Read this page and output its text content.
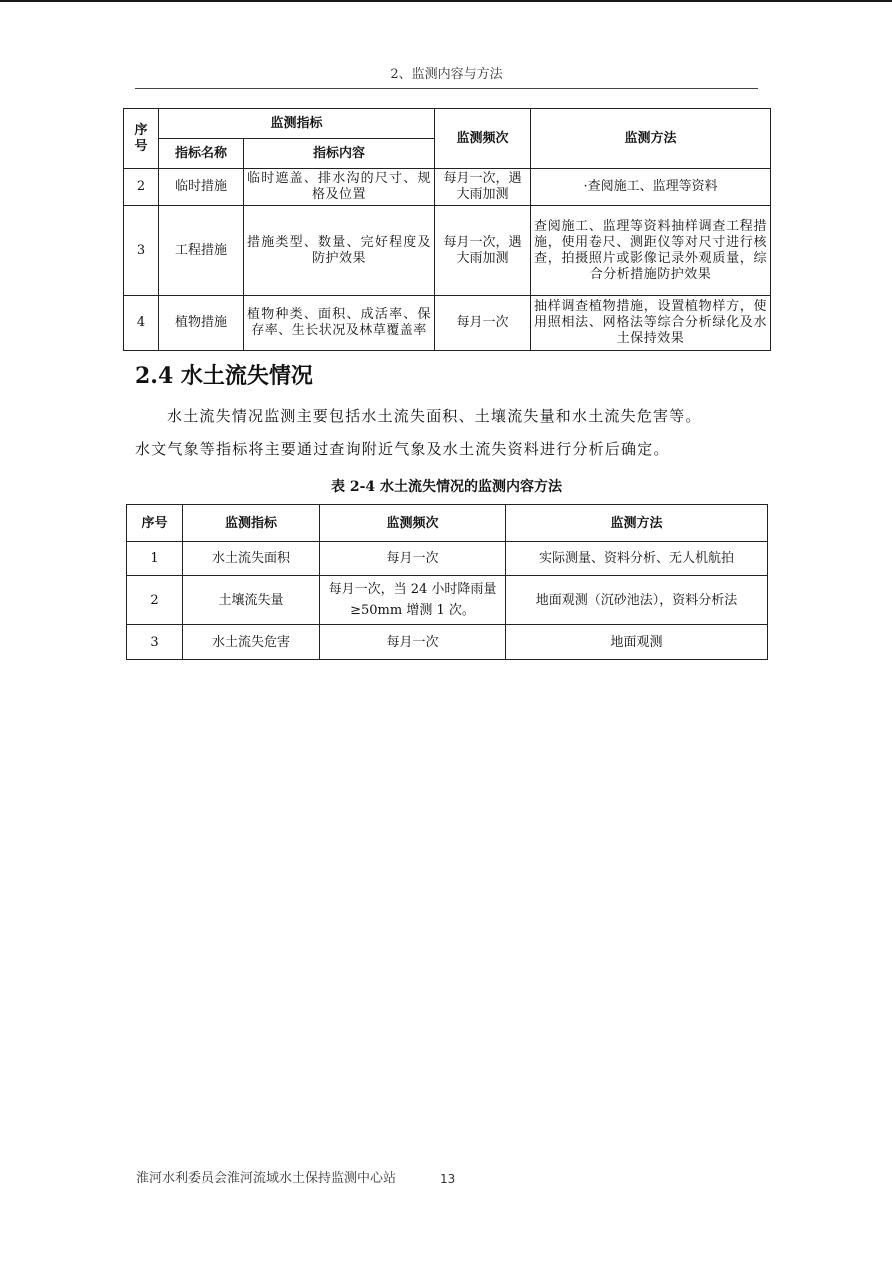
2、监测内容与方法
序号	监测指标		监测频次	监测方法
	指标名称	指标内容		
2	临时措施	临时遮盖、排水沟的尺寸、规格及位置	每月一次，遇大雨加测	·查阅施工、监理等资料
3	工程措施	措施类型、数量、完好程度及防护效果	每月一次，遇大雨加测	查阅施工、监理等资料抽样调查工程措施，使用卷尺、测距仪等对尺寸进行核查，拍摄照片或影像记录外观质量，综合分析措施防护效果
4	植物措施	植物种类、面积、成活率、保存率、生长状况及林草覆盖率	每月一次	抽样调查植物措施，设置植物样方，使用照相法、网格法等综合分析绿化及水土保持效果
2.4 水土流失情况

水土流失情况监测主要包括水土流失面积、土壤流失量和水土流失危害等。

水文气象等指标将主要通过查询附近气象及水土流失资料进行分析后确定。

表 2-4 水土流失情况的监测内容方法
序号	监测指标	监测频次	监测方法
1	水土流失面积	每月一次	实际测量、资料分析、无人机航拍
2	土壤流失量	每月一次，当 24 小时降雨量≥50mm 增测 1 次。	地面观测（沉砂池法），资料分析法
3	水土流失危害	每月一次	地面观测
淮河水利委员会淮河流域水土保持监测中心站	13
